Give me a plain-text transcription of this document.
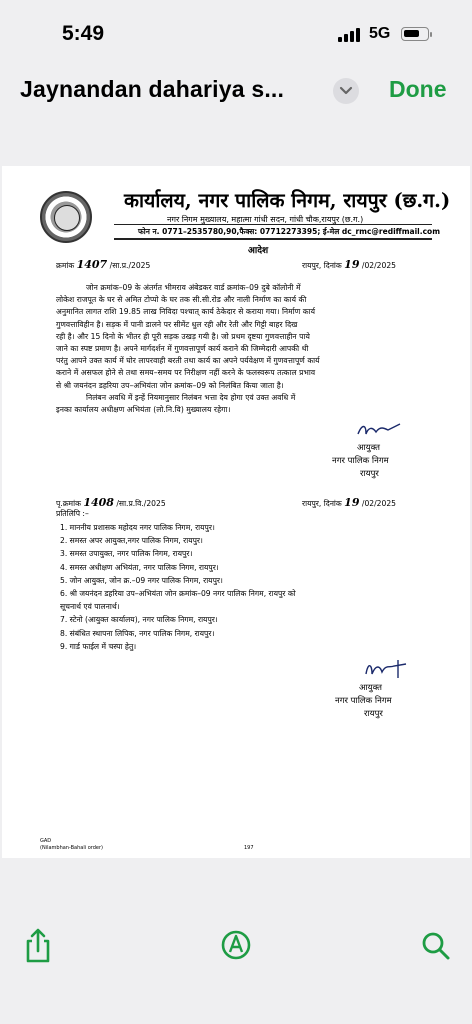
5:49	5G
Jaynandan dahariya s...	Done
कार्यालय, नगर पालिक निगम, रायपुर (छ.ग.)
नगर निगम मुख्यालय, महात्मा गांधी सदन, गांधी चौक,रायपुर (छ.ग.)
फोन न. 0771–2535780,90,फैक्स: 07712273395; ई-मेल dc_rmc@rediffmail.com
आदेश
क्रमांक 1407 /सा.प्र./2025	रायपुर, दिनांक 19 /02/2025
जोन क्रमांक–09 के अंतर्गत भीमराव अंबेडकर वार्ड क्रमांक–09 दुबे कॉलोनी में
लोकेश राजपूत के घर से अमित टोप्पो के घर तक सी.सी.रोड और नाली निर्माण का कार्य की
अनुमानित लागत राशि 19.85 लाख निविदा पश्चात् कार्य ठेकेदार से कराया गया। निर्माण कार्य
गुणवत्ताविहीन है। सड़क में पानी डालने पर सीमेंट धुल रही और रेती और गिट्टी बाहर दिख
रही है। और 15 दिनो के भीतर ही पूरी सड़क उखड़ गयी है। जो प्रथम दृष्टया गुणवत्ताहीन पाये
जाने का स्पष्ट प्रमाण है। अपने मार्गदर्शन में गुणवत्तापूर्ण कार्य कराने की जिम्मेदारी आपकी थी
परंतु आपने उक्त कार्य में घोर लापरवाही बरती तथा कार्य का अपने पर्यवेक्षण में गुणवत्तापूर्ण कार्य
कराने में असफल होने से तथा समय–समय पर निरीक्षण नहीं करने के फलस्वरूप तत्काल प्रभाव
से श्री जयनंदन डहरिया उप–अभियंता जोन क्रमांक–09 को निलंबित किया जाता है।
निलंबन अवधि में इन्हें नियमानुसार निलंबन भत्ता देय होगा एवं उक्त अवधि में
इनका कार्यालय अधीक्षण अभियंता (लो.नि.वि) मुख्यालय रहेगा।
आयुक्त
नगर पालिक निगम
रायपुर
पृ.क्रमांक 1408 /सा.प्र.वि./2025	रायपुर, दिनांक 19 /02/2025
प्रतिलिपि :–
1. माननीय प्रशासक महोदय नगर पालिक निगम, रायपुर।
2. समस्त अपर आयुक्त,नगर पालिक निगम, रायपुर।
3. समस्त उपायुक्त, नगर पालिक निगम, रायपुर।
4. समस्त अधीक्षण अभियंता, नगर पालिक निगम, रायपुर।
5. जोन आयुक्त, जोन क्र.–09 नगर पालिक निगम, रायपुर।
6. श्री जयनंदन डहरिया उप–अभियंता जोन क्रमांक–09 नगर पालिक निगम, रायपुर को
सूचनार्थ एवं पालनार्थ।
7. स्टेनो (आयुक्त कार्यालय), नगर पालिक निगम, रायपुर।
8. संबंधित स्थापना लिपिक, नगर पालिक निगम, रायपुर।
9. गार्ड फाईल में चस्पा हेतु।
आयुक्त
नगर पालिक निगम
रायपुर
GAD
(Nilambhan-Bahali order)	197
